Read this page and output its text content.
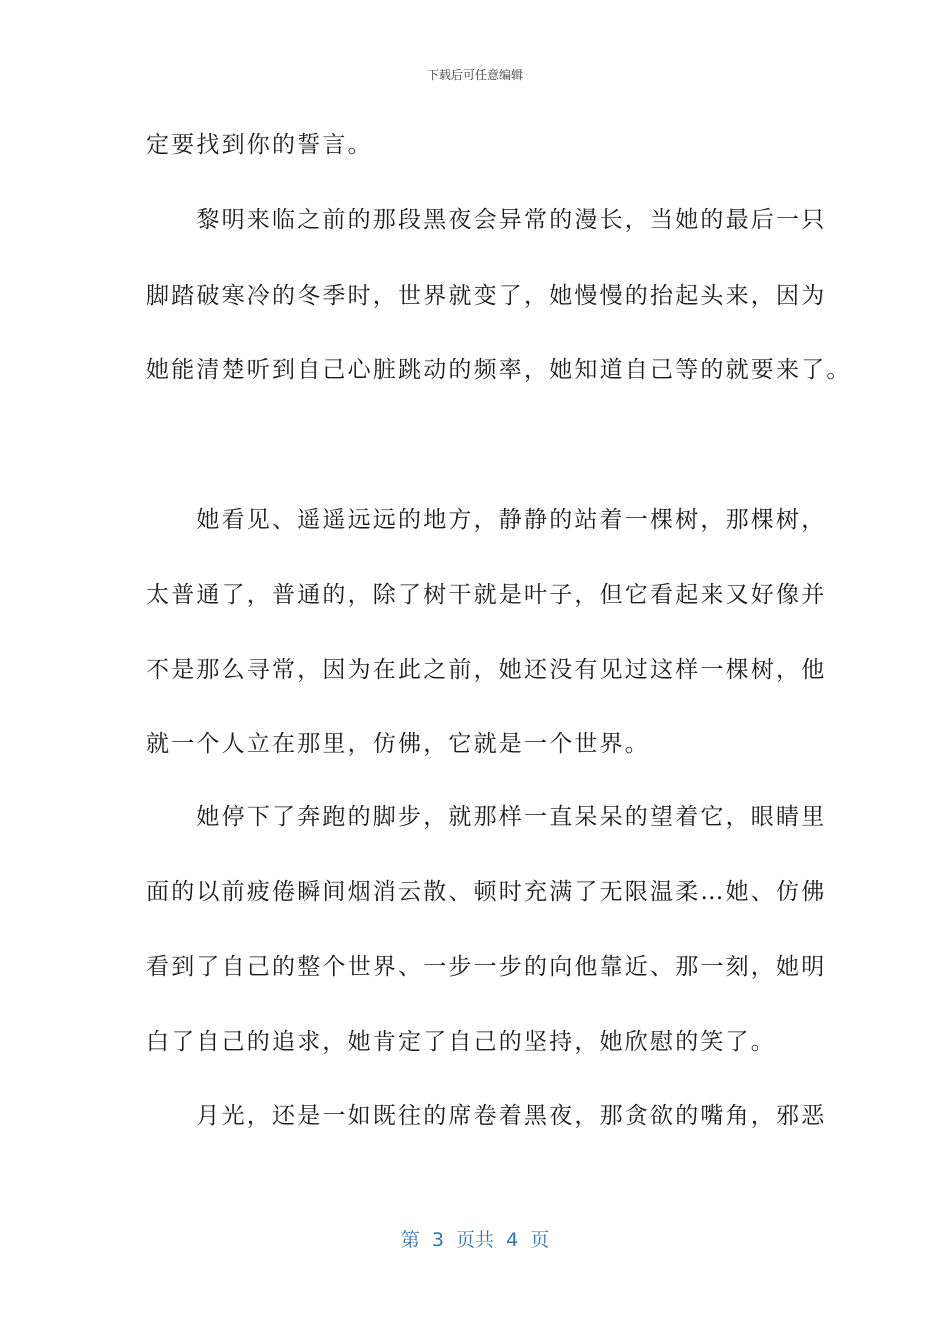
下载后可任意编辑
定要找到你的誓言。
　　黎明来临之前的那段黑夜会异常的漫长，当她的最后一只
脚踏破寒冷的冬季时，世界就变了，她慢慢的抬起头来，因为
她能清楚听到自己心脏跳动的频率，她知道自己等的就要来了。
　　她看见、遥遥远远的地方，静静的站着一棵树，那棵树，
太普通了，普通的，除了树干就是叶子，但它看起来又好像并
不是那么寻常，因为在此之前，她还没有见过这样一棵树，他
就一个人立在那里，仿佛，它就是一个世界。
　　她停下了奔跑的脚步，就那样一直呆呆的望着它，眼睛里
面的以前疲倦瞬间烟消云散、顿时充满了无限温柔…她、仿佛
看到了自己的整个世界、一步一步的向他靠近、那一刻，她明
白了自己的追求，她肯定了自己的坚持，她欣慰的笑了。
　　月光，还是一如既往的席卷着黑夜，那贪欲的嘴角，邪恶
第  3  页共  4  页
